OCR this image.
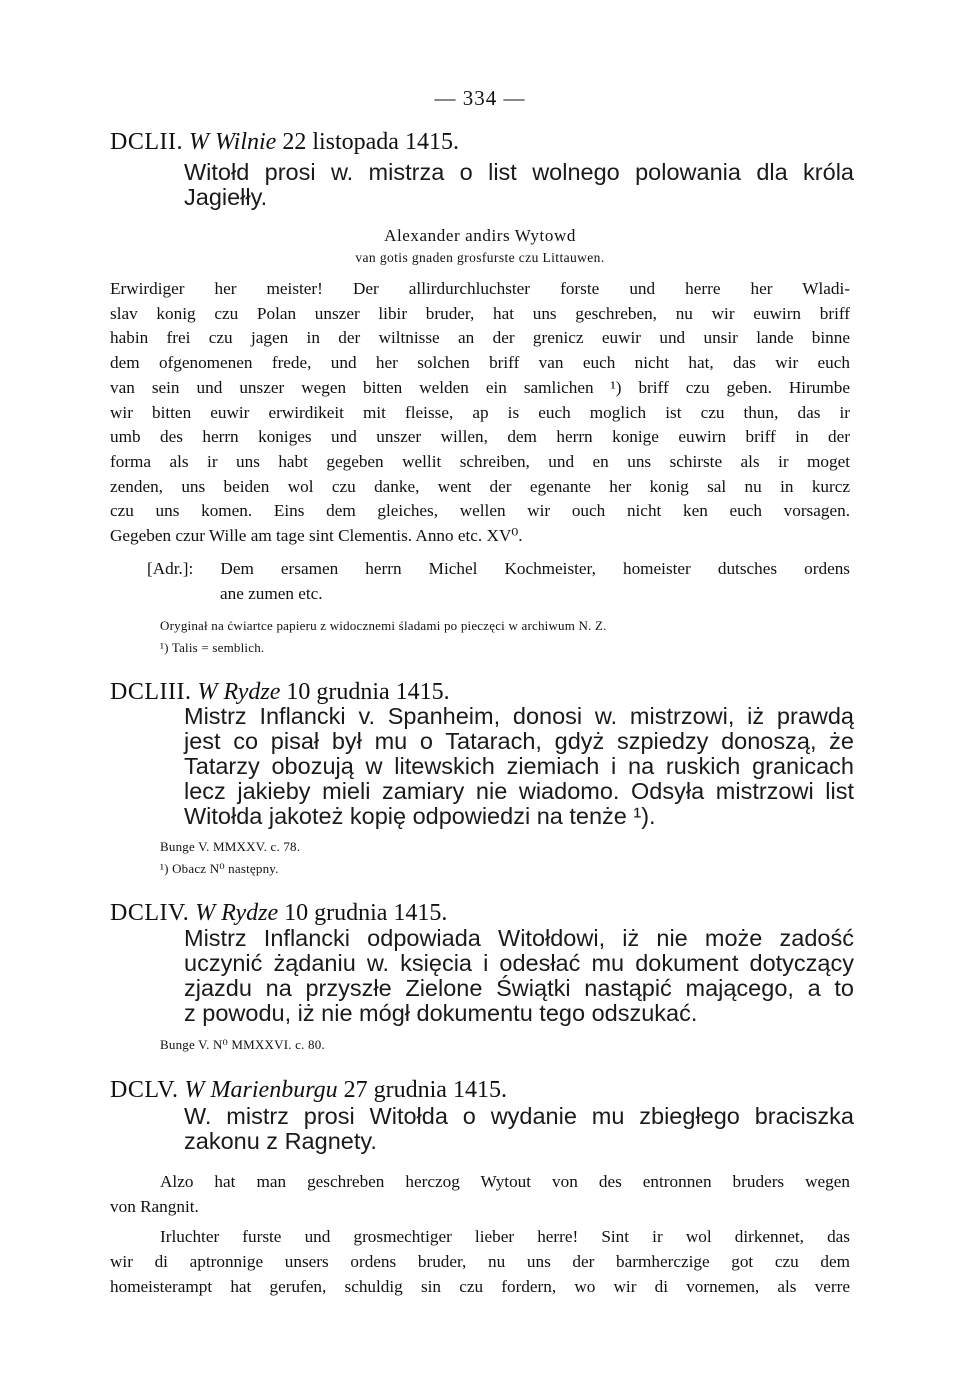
— 334 —
DCLII. W Wilnie 22 listopada 1415.
Witołd prosi w. mistrza o list wolnego polowania dla króla
Jagiełły.
Alexander andirs Wytowd
van gotis gnaden grosfurste czu Littauwen.
Erwirdiger her meister! Der allirdurchluchster forste und herre her Wladi-
slav konig czu Polan unszer libir bruder, hat uns geschreben, nu wir euwirn briff
habin frei czu jagen in der wiltnisse an der grenicz euwir und unsir lande binne
dem ofgenomenen frede, und her solchen briff van euch nicht hat, das wir euch
van sein und unszer wegen bitten welden ein samlichen ¹) briff czu geben. Hirumbe
wir bitten euwir erwirdikeit mit fleisse, ap is euch moglich ist czu thun, das ir
umb des herrn koniges und unszer willen, dem herrn konige euwirn briff in der
forma als ir uns habt gegeben wellit schreiben, und en uns schirste als ir moget
zenden, uns beiden wol czu danke, went der egenante her konig sal nu in kurcz
czu uns komen. Eins dem gleiches, wellen wir ouch nicht ken euch vorsagen.
Gegeben czur Wille am tage sint Clementis. Anno etc. XV⁰.
[Adr.]: Dem ersamen herrn Michel Kochmeister, homeister dutsches ordens
ane zumen etc.
Oryginał na ćwiartce papieru z widocznemi śladami po pieczęci w archiwum N. Z.
¹) Talis = semblich.
DCLIII. W Rydze 10 grudnia 1415.
Mistrz Inflancki v. Spanheim, donosi w. mistrzowi, iż prawdą
jest co pisał był mu o Tatarach, gdyż szpiedzy donoszą, że
Tatarzy obozują w litewskich ziemiach i na ruskich granicach
lecz jakieby mieli zamiary nie wiadomo. Odsyła mistrzowi list
Witołda jakoteż kopię odpowiedzi na tenże ¹).
Bunge V. MMXXV. c. 78.
¹) Obacz N⁰ następny.
DCLIV. W Rydze 10 grudnia 1415.
Mistrz Inflancki odpowiada Witołdowi, iż nie może zadość
uczynić żądaniu w. księcia i odesłać mu dokument dotyczący
zjazdu na przyszłe Zielone Świątki nastąpić mającego, a to
z powodu, iż nie mógł dokumentu tego odszukać.
Bunge V. N⁰ MMXXVI. c. 80.
DCLV. W Marienburgu 27 grudnia 1415.
W. mistrz prosi Witołda o wydanie mu zbiegłego braciszka
zakonu z Ragnety.
Alzo hat man geschreben herczog Wytout von des entronnen bruders wegen
von Rangnit.
Irluchter furste und grosmechtiger lieber herre! Sint ir wol dirkennet, das
wir di aptronnige unsers ordens bruder, nu uns der barmherczige got czu dem
homeisterampt hat gerufen, schuldig sin czu fordern, wo wir di vornemen, als verre
